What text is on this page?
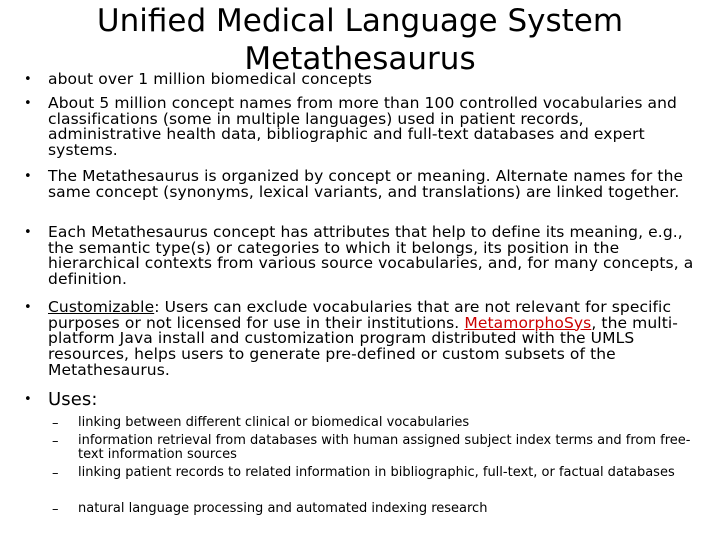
Unified Medical Language System
Metathesaurus
• about over 1 million biomedical concepts
• About 5 million concept names from more than 100 controlled vocabularies and classifications (some in multiple languages) used in patient records, administrative health data, bibliographic and full-text databases and expert systems.
• The Metathesaurus is organized by concept or meaning. Alternate names for the same concept (synonyms, lexical variants, and translations) are linked together.
• Each Metathesaurus concept has attributes that help to define its meaning, e.g., the semantic type(s) or categories to which it belongs, its position in the hierarchical contexts from various source vocabularies, and, for many concepts, a definition.
• Customizable: Users can exclude vocabularies that are not relevant for specific purposes or not licensed for use in their institutions. MetamorphoSys, the multi-platform Java install and customization program distributed with the UMLS resources, helps users to generate pre-defined or custom subsets of the Metathesaurus.
• Uses:
– linking between different clinical or biomedical vocabularies
– information retrieval from databases with human assigned subject index terms and from free-text information sources
– linking patient records to related information in bibliographic, full-text, or factual databases
– natural language processing and automated indexing research
